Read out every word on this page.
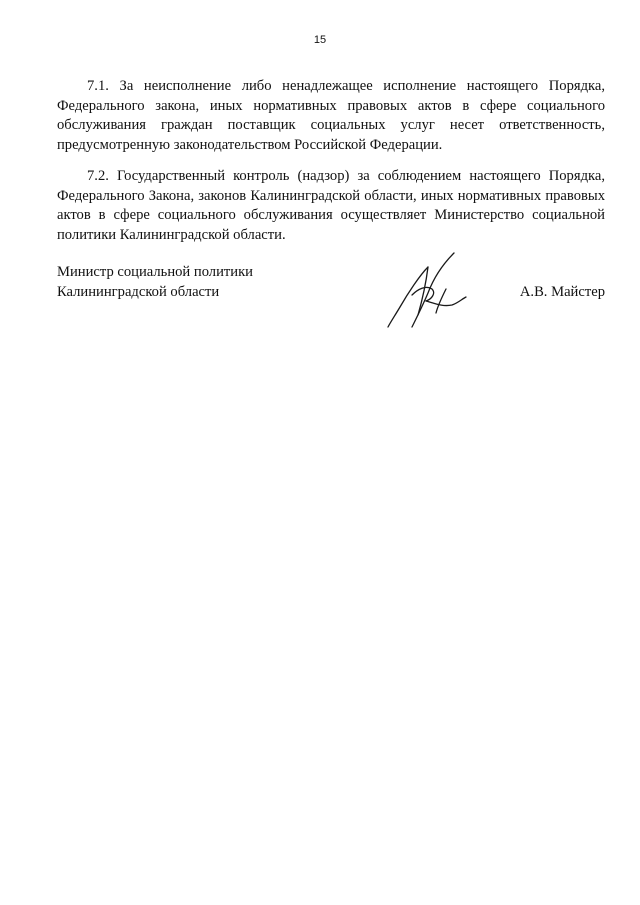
15

7.1. За неисполнение либо ненадлежащее исполнение настоящего Порядка, Федерального закона, иных нормативных правовых актов в сфере социального обслуживания граждан поставщик социальных услуг несет ответственность, предусмотренную законодательством Российской Федерации.

7.2. Государственный контроль (надзор) за соблюдением настоящего Порядка, Федерального Закона, законов Калининградской области, иных нормативных правовых актов в сфере социального обслуживания осуществляет Министерство социальной политики Калининградской области.

Министр социальной политики
Калининградской области	А.В. Майстер
